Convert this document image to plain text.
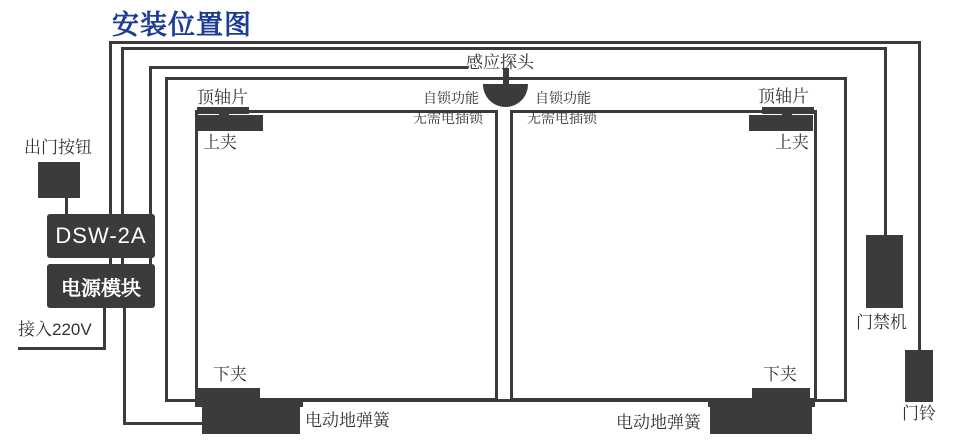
安装位置图
DSW-2A
电源模块
感应探头
顶轴片	顶轴片
自锁功能	自锁功能
无需电插锁	无需电插锁
上夹	上夹
下夹	下夹
出门按钮
接入220V
电动地弹簧	电动地弹簧
门禁机
门铃
